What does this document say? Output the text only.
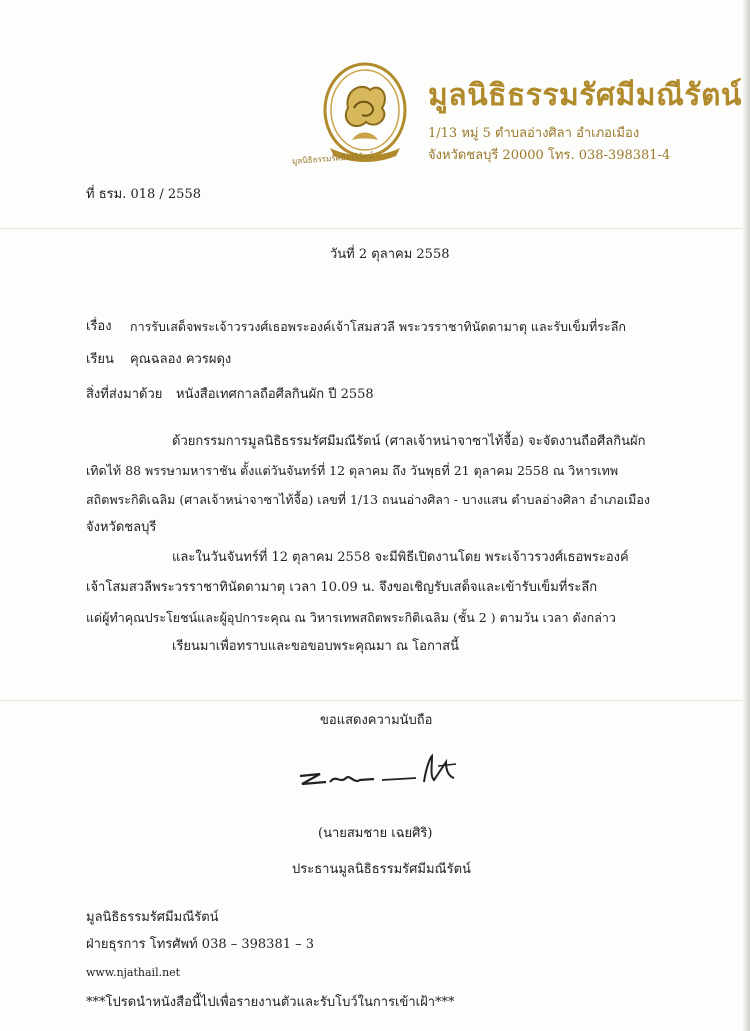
มูลนิธิธรรมรัศมีมณีรัตน์
มูลนิธิธรรมรัศมีมณีรัตน์
1/13 หมู่ 5 ตำบลอ่างศิลา อำเภอเมือง
จังหวัดชลบุรี 20000 โทร. 038-398381-4
ที่ ธรม. 018 / 2558
วันที่ 2 ตุลาคม 2558
เรื่อง การรับเสด็จพระเจ้าวรวงศ์เธอพระองค์เจ้าโสมสวลี พระวรราชาทินัดดามาตุ และรับเข็มที่ระลึก
เรียน คุณฉลอง ควรผดุง
สิ่งที่ส่งมาด้วย หนังสือเทศกาลถือศีลกินผัก ปี 2558
ด้วยกรรมการมูลนิธิธรรมรัศมีมณีรัตน์ (ศาลเจ้าหน่าจาซาไท้จื้อ) จะจัดงานถือศีลกินผัก
เทิดไท้ 88 พรรษามหาราชัน ตั้งแต่วันจันทร์ที่ 12 ตุลาคม ถึง วันพุธที่ 21 ตุลาคม 2558 ณ วิหารเทพ
สถิตพระกิติเฉลิม (ศาลเจ้าหน่าจาซาไท้จื้อ) เลขที่ 1/13 ถนนอ่างศิลา - บางแสน ตำบลอ่างศิลา อำเภอเมือง
จังหวัดชลบุรี
และในวันจันทร์ที่ 12 ตุลาคม 2558 จะมีพิธีเปิดงานโดย พระเจ้าวรวงศ์เธอพระองค์
เจ้าโสมสวลีพระวรราชาทินัดดามาตุ เวลา 10.09 น. จึงขอเชิญรับเสด็จและเข้ารับเข็มที่ระลึก
แด่ผู้ทำคุณประโยชน์และผู้อุปการะคุณ ณ วิหารเทพสถิตพระกิติเฉลิม (ชั้น 2 ) ตามวัน เวลา ดังกล่าว
เรียนมาเพื่อทราบและขอขอบพระคุณมา ณ โอกาสนี้
ขอแสดงความนับถือ
(นายสมชาย เฉยศิริ)
ประธานมูลนิธิธรรมรัศมีมณีรัตน์
มูลนิธิธรรมรัศมีมณีรัตน์
ฝ่ายธุรการ โทรศัพท์ 038 – 398381 – 3
www.njathail.net
***โปรดนำหนังสือนี้ไปเพื่อรายงานตัวและรับโบว์ในการเข้าเฝ้า***
